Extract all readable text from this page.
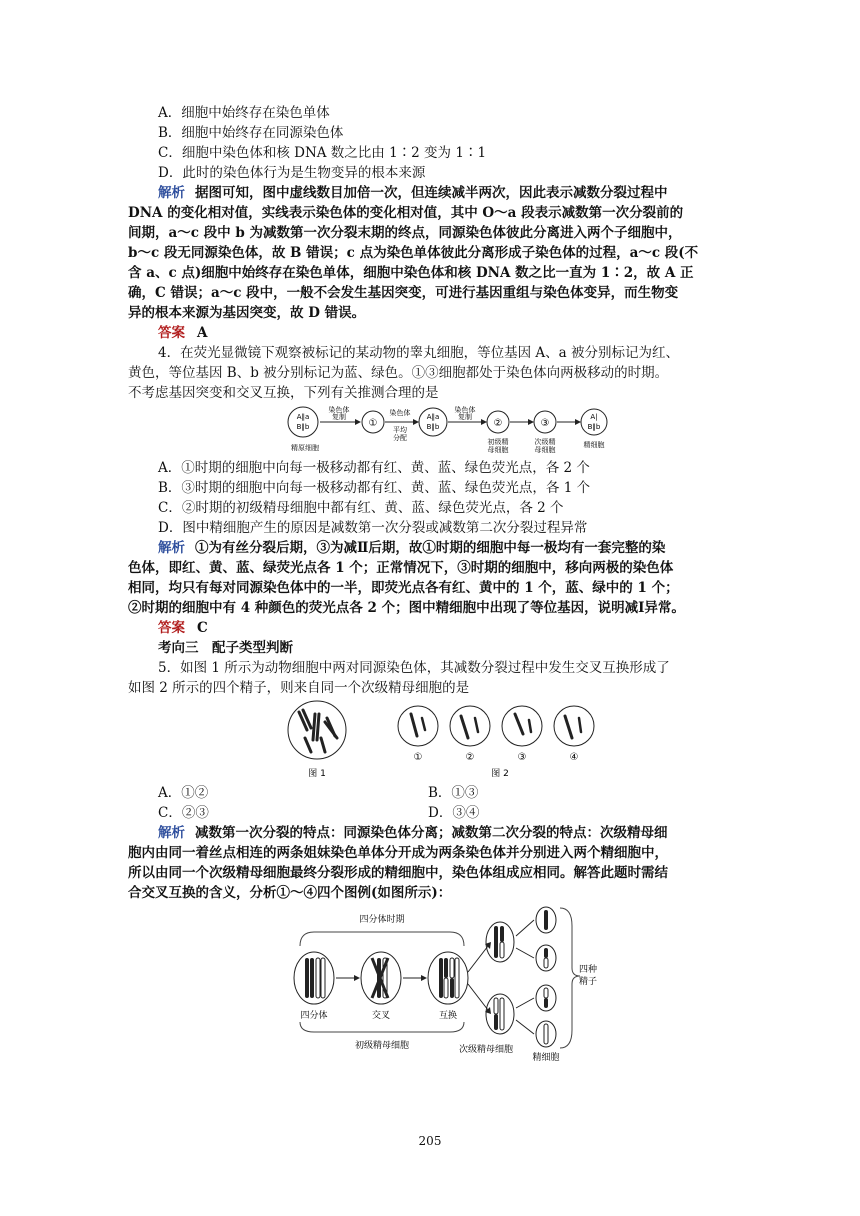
A．细胞中始终存在染色单体
B．细胞中始终存在同源染色体
C．细胞中染色体和核 DNA 数之比由 1∶2 变为 1∶1
D．此时的染色体行为是生物变异的根本来源
解析 据图可知，图中虚线数目加倍一次，但连续减半两次，因此表示减数分裂过程中
DNA 的变化相对值，实线表示染色体的变化相对值，其中 O～a 段表示减数第一次分裂前的
间期，a～c 段中 b 为减数第一次分裂末期的终点，同源染色体彼此分离进入两个子细胞中，
b～c 段无同源染色体，故 B 错误；c 点为染色单体彼此分离形成子染色体的过程，a～c 段(不
含 a、c 点)细胞中始终存在染色单体，细胞中染色体和核 DNA 数之比一直为 1∶2，故 A 正
确，C 错误；a～c 段中，一般不会发生基因突变，可进行基因重组与染色体变异，而生物变
异的根本来源为基因突变，故 D 错误。
答案 A
4．在荧光显微镜下观察被标记的某动物的睾丸细胞，等位基因 A、a 被分别标记为红、
黄色，等位基因 B、b 被分别标记为蓝、绿色。①③细胞都处于染色体向两极移动的时期。
不考虑基因突变和交叉互换，下列有关推测合理的是
A‖a
B‖b
精原细胞
染色体
复制
①
染色体
平均
分配
A‖a
B‖b
染色体
复制
②
初级精
母细胞
③
次级精
母细胞
A|
B‖b
精细胞
A．①时期的细胞中向每一极移动都有红、黄、蓝、绿色荧光点，各 2 个
B．③时期的细胞中向每一极移动都有红、黄、蓝、绿色荧光点，各 1 个
C．②时期的初级精母细胞中都有红、黄、蓝、绿色荧光点，各 2 个
D．图中精细胞产生的原因是减数第一次分裂或减数第二次分裂过程异常
解析 ①为有丝分裂后期，③为减Ⅱ后期，故①时期的细胞中每一极均有一套完整的染
色体，即红、黄、蓝、绿荧光点各 1 个；正常情况下，③时期的细胞中，移向两极的染色体
相同，均只有每对同源染色体中的一半，即荧光点各有红、黄中的 1 个，蓝、绿中的 1 个；
②时期的细胞中有 4 种颜色的荧光点各 2 个；图中精细胞中出现了等位基因，说明减Ⅰ异常。
答案 C
考向三　配子类型判断
5．如图 1 所示为动物细胞中两对同源染色体，其减数分裂过程中发生交叉互换形成了
如图 2 所示的四个精子，则来自同一个次级精母细胞的是
图 1
①	②	③	④
图 2
A．①②	B．①③
C．②③	D．③④
解析 减数第一次分裂的特点：同源染色体分离；减数第二次分裂的特点：次级精母细
胞内由同一着丝点相连的两条姐妹染色单体分开成为两条染色体并分别进入两个精细胞中，
所以由同一个次级精母细胞最终分裂形成的精细胞中，染色体组成应相同。解答此题时需结
合交叉互换的含义，分析①～④四个图例(如图所示)：
四分体时期
四分体	交叉	互换
初级精母细胞	次级精母细胞
四种
精子
精细胞
205
